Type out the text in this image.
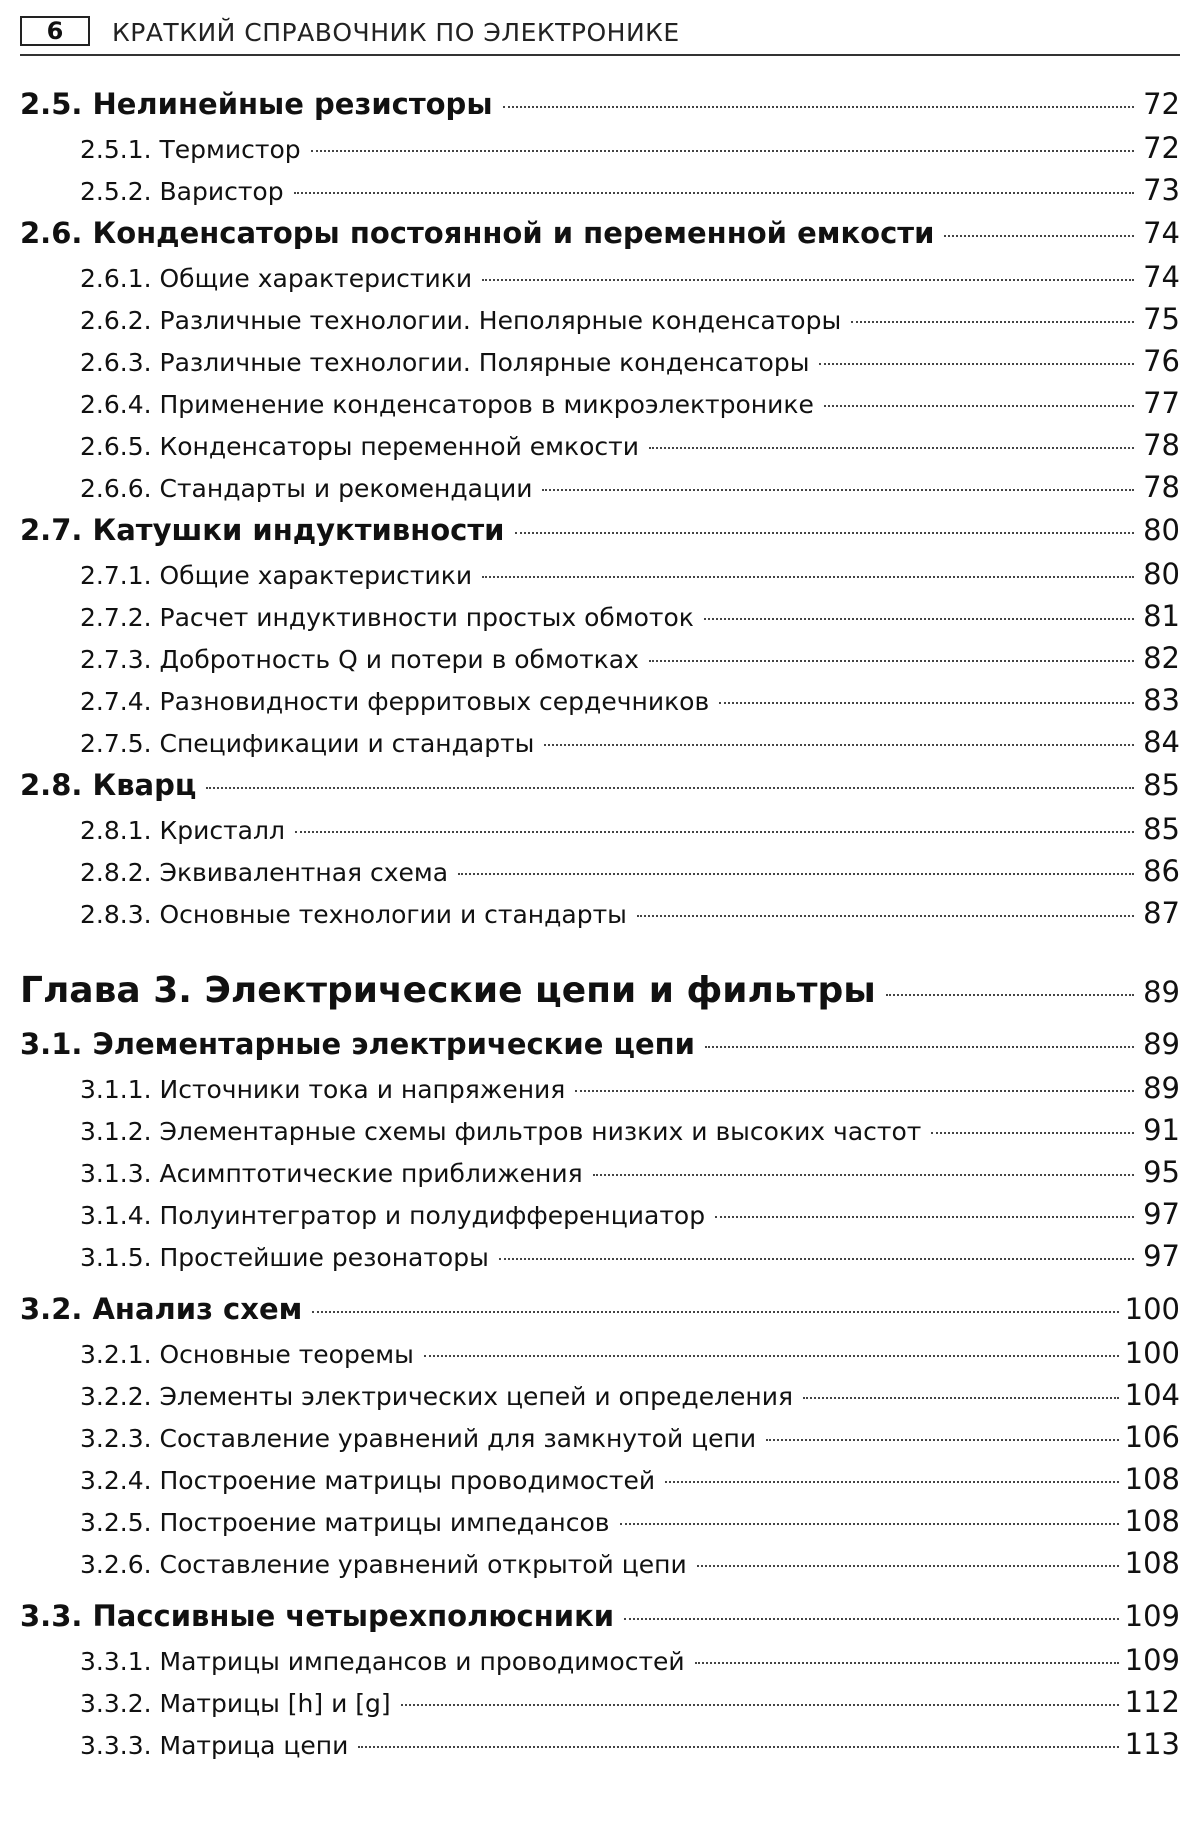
6	КРАТКИЙ СПРАВОЧНИК ПО ЭЛЕКТРОНИКЕ
2.5. Нелинейные резисторы	72
2.5.1. Термистор	72
2.5.2. Варистор	73
2.6. Конденсаторы постоянной и переменной емкости	74
2.6.1. Общие характеристики	74
2.6.2. Различные технологии. Неполярные конденсаторы	75
2.6.3. Различные технологии. Полярные конденсаторы	76
2.6.4. Применение конденсаторов в микроэлектронике	77
2.6.5. Конденсаторы переменной емкости	78
2.6.6. Стандарты и рекомендации	78
2.7. Катушки индуктивности	80
2.7.1. Общие характеристики	80
2.7.2. Расчет индуктивности простых обмоток	81
2.7.3. Добротность Q и потери в обмотках	82
2.7.4. Разновидности ферритовых сердечников	83
2.7.5. Спецификации и стандарты	84
2.8. Кварц	85
2.8.1. Кристалл	85
2.8.2. Эквивалентная схема	86
2.8.3. Основные технологии и стандарты	87
Глава 3. Электрические цепи и фильтры	89
3.1. Элементарные электрические цепи	89
3.1.1. Источники тока и напряжения	89
3.1.2. Элементарные схемы фильтров низких и высоких частот	91
3.1.3. Асимптотические приближения	95
3.1.4. Полуинтегратор и полудифференциатор	97
3.1.5. Простейшие резонаторы	97
3.2. Анализ схем	100
3.2.1. Основные теоремы	100
3.2.2. Элементы электрических цепей и определения	104
3.2.3. Составление уравнений для замкнутой цепи	106
3.2.4. Построение матрицы проводимостей	108
3.2.5. Построение матрицы импедансов	108
3.2.6. Составление уравнений открытой цепи	108
3.3. Пассивные четырехполюсники	109
3.3.1. Матрицы импедансов и проводимостей	109
3.3.2. Матрицы [h] и [g]	112
3.3.3. Матрица цепи	113
